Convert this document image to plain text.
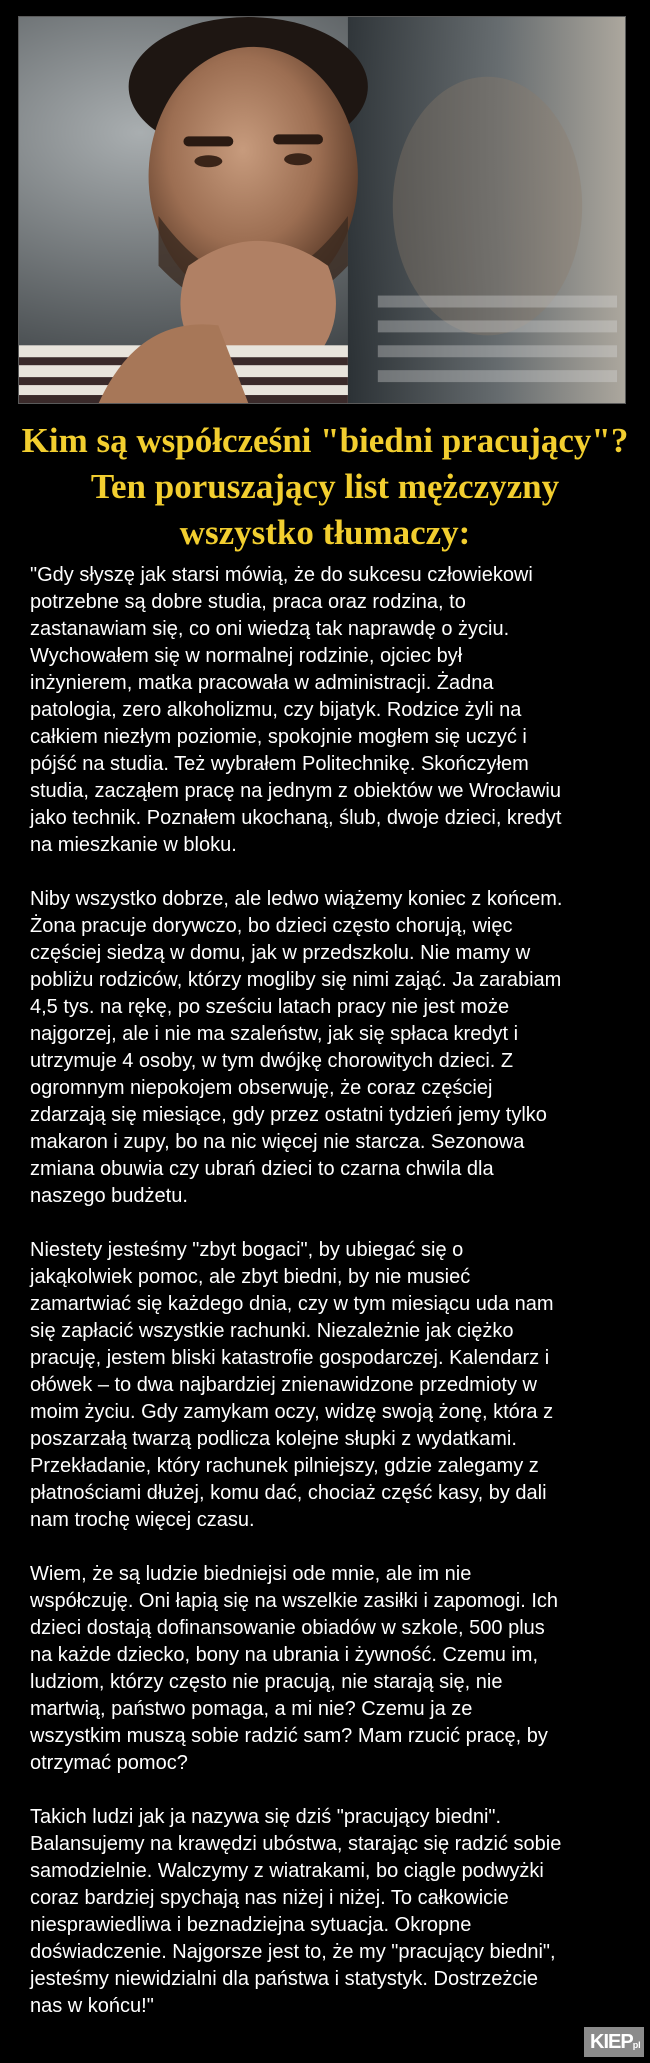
Kim są współcześni "biedni pracujący"?
Ten poruszający list mężczyzny
wszystko tłumaczy:

"Gdy słyszę jak starsi mówią, że do sukcesu człowiekowi
potrzebne są dobre studia, praca oraz rodzina, to
zastanawiam się, co oni wiedzą tak naprawdę o życiu.
Wychowałem się w normalnej rodzinie, ojciec był
inżynierem, matka pracowała w administracji. Żadna
patologia, zero alkoholizmu, czy bijatyk. Rodzice żyli na
całkiem niezłym poziomie, spokojnie mogłem się uczyć i
pójść na studia. Też wybrałem Politechnikę. Skończyłem
studia, zacząłem pracę na jednym z obiektów we Wrocławiu
jako technik. Poznałem ukochaną, ślub, dwoje dzieci, kredyt
na mieszkanie w bloku.

Niby wszystko dobrze, ale ledwo wiążemy koniec z końcem.
Żona pracuje dorywczo, bo dzieci często chorują, więc
częściej siedzą w domu, jak w przedszkolu. Nie mamy w
pobliżu rodziców, którzy mogliby się nimi zająć. Ja zarabiam
4,5 tys. na rękę, po sześciu latach pracy nie jest może
najgorzej, ale i nie ma szaleństw, jak się spłaca kredyt i
utrzymuje 4 osoby, w tym dwójkę chorowitych dzieci. Z
ogromnym niepokojem obserwuję, że coraz częściej
zdarzają się miesiące, gdy przez ostatni tydzień jemy tylko
makaron i zupy, bo na nic więcej nie starcza. Sezonowa
zmiana obuwia czy ubrań dzieci to czarna chwila dla
naszego budżetu.

Niestety jesteśmy "zbyt bogaci", by ubiegać się o
jakąkolwiek pomoc, ale zbyt biedni, by nie musieć
zamartwiać się każdego dnia, czy w tym miesiącu uda nam
się zapłacić wszystkie rachunki. Niezależnie jak ciężko
pracuję, jestem bliski katastrofie gospodarczej. Kalendarz i
ołówek – to dwa najbardziej znienawidzone przedmioty w
moim życiu. Gdy zamykam oczy, widzę swoją żonę, która z
poszarzałą twarzą podlicza kolejne słupki z wydatkami.
Przekładanie, który rachunek pilniejszy, gdzie zalegamy z
płatnościami dłużej, komu dać, chociaż część kasy, by dali
nam trochę więcej czasu.

Wiem, że są ludzie biedniejsi ode mnie, ale im nie
współczuję. Oni łapią się na wszelkie zasiłki i zapomogi. Ich
dzieci dostają dofinansowanie obiadów w szkole, 500 plus
na każde dziecko, bony na ubrania i żywność. Czemu im,
ludziom, którzy często nie pracują, nie starają się, nie
martwią, państwo pomaga, a mi nie? Czemu ja ze
wszystkim muszą sobie radzić sam? Mam rzucić pracę, by
otrzymać pomoc?

Takich ludzi jak ja nazywa się dziś "pracujący biedni".
Balansujemy na krawędzi ubóstwa, starając się radzić sobie
samodzielnie. Walczymy z wiatrakami, bo ciągle podwyżki
coraz bardziej spychają nas niżej i niżej. To całkowicie
niesprawiedliwa i beznadziejna sytuacja. Okropne
doświadczenie. Najgorsze jest to, że my "pracujący biedni",
jesteśmy niewidzialni dla państwa i statystyk. Dostrzeżcie
nas w końcu!"

KIEPpl
